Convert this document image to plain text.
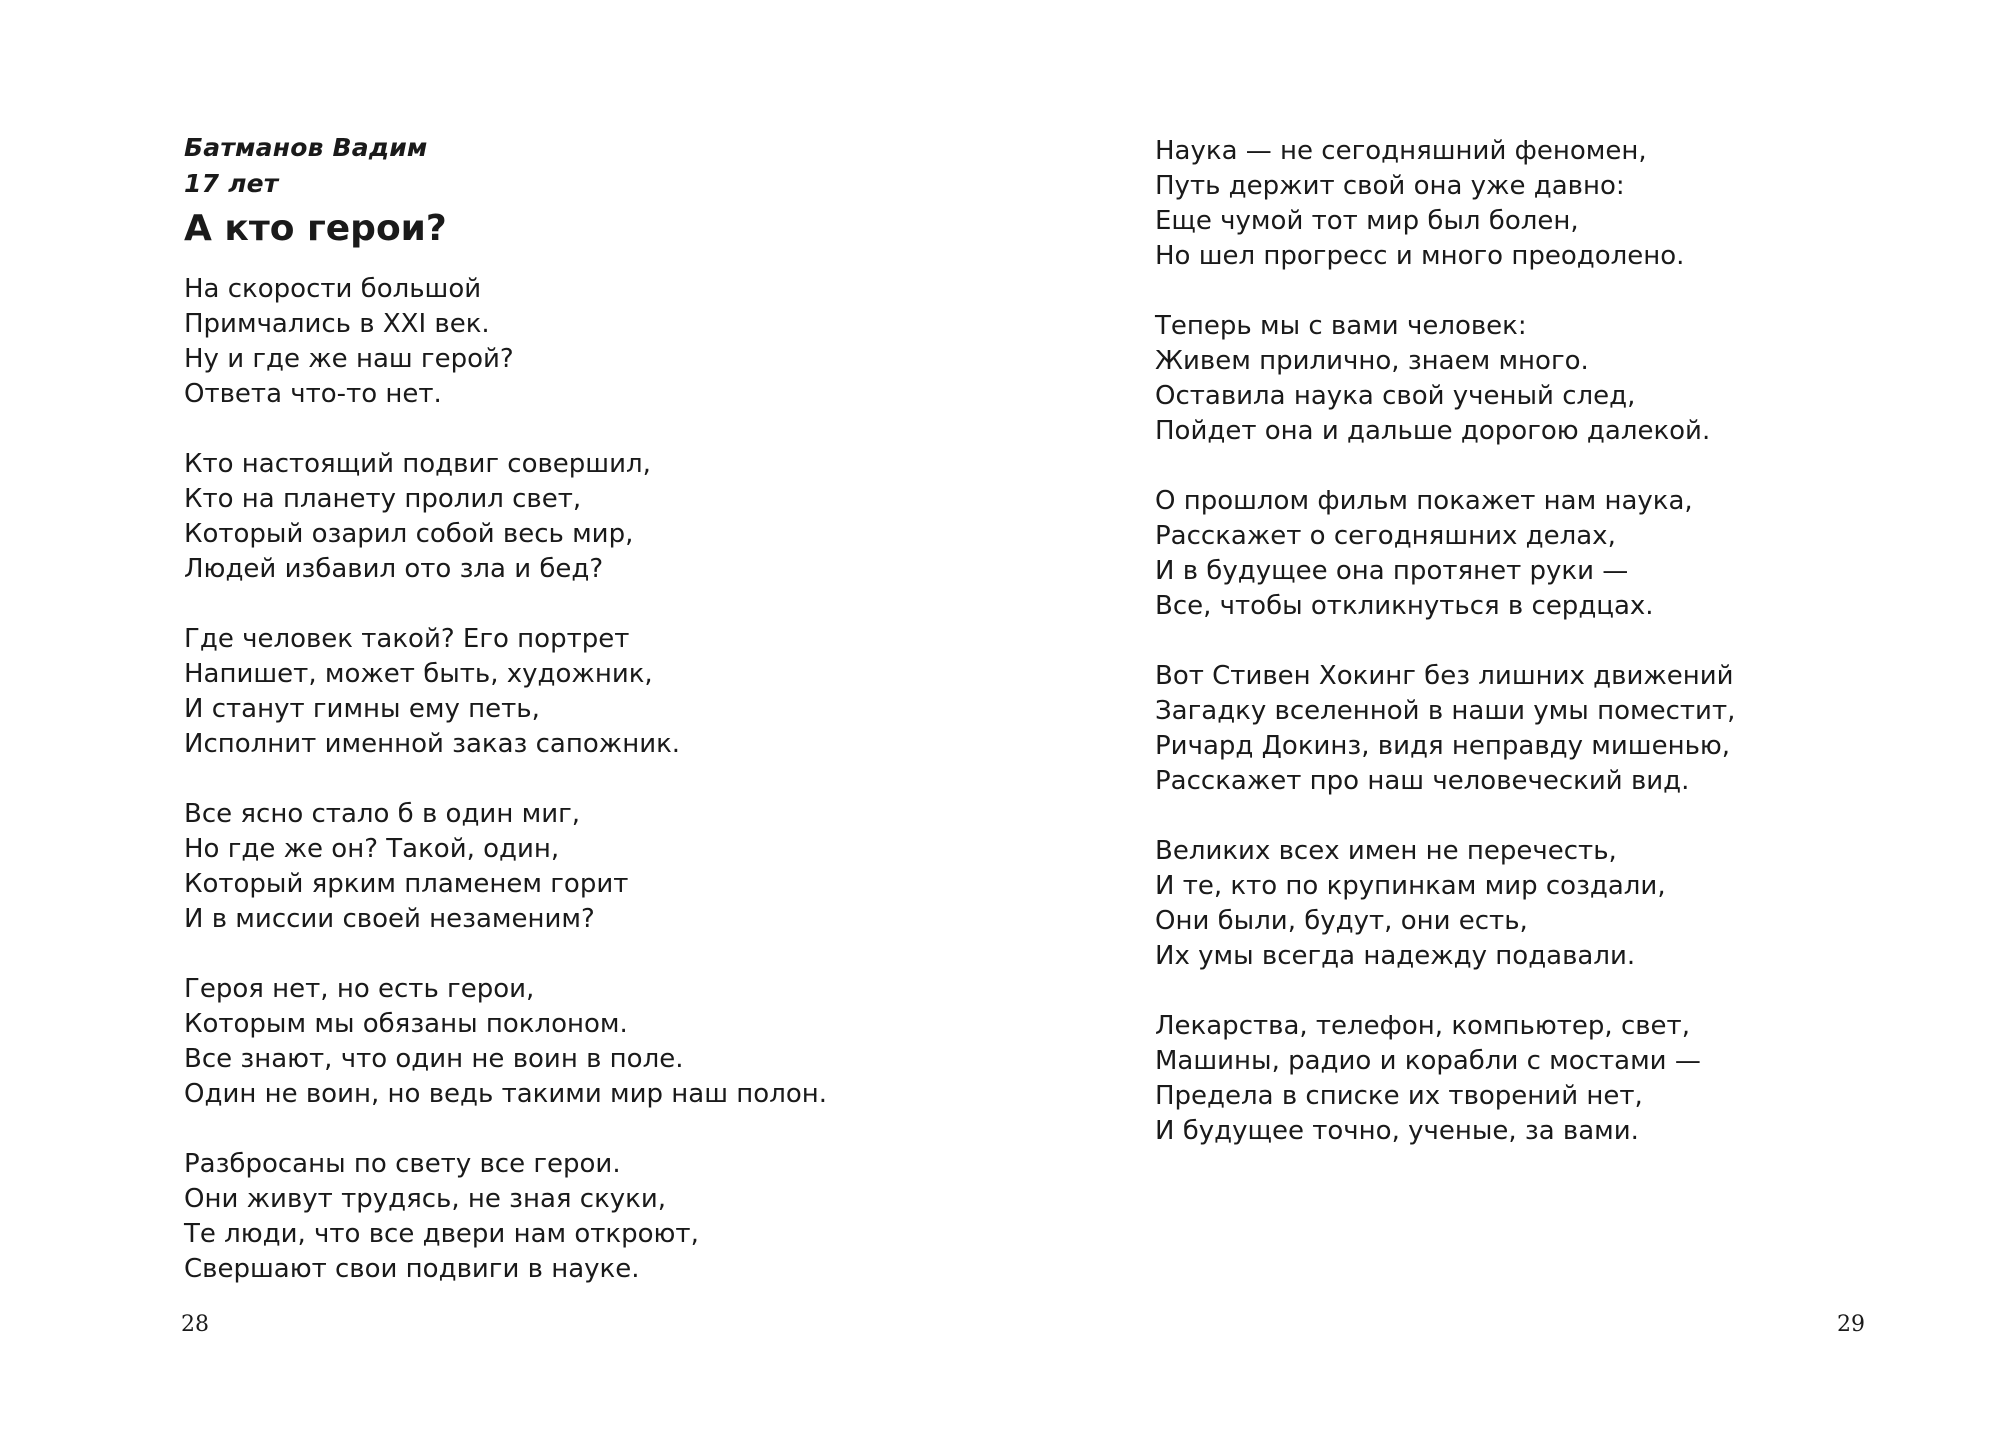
Батманов Вадим
17 лет
А кто герои?
На скорости большой
Примчались в XXI век.
Ну и где же наш герой?
Ответа что-то нет.
Кто настоящий подвиг совершил,
Кто на планету пролил свет,
Который озарил собой весь мир,
Людей избавил ото зла и бед?
Где человек такой? Его портрет
Напишет, может быть, художник,
И станут гимны ему петь,
Исполнит именной заказ сапожник.
Все ясно стало б в один миг,
Но где же он? Такой, один,
Который ярким пламенем горит
И в миссии своей незаменим?
Героя нет, но есть герои,
Которым мы обязаны поклоном.
Все знают, что один не воин в поле.
Один не воин, но ведь такими мир наш полон.
Разбросаны по свету все герои.
Они живут трудясь, не зная скуки,
Те люди, что все двери нам откроют,
Свершают свои подвиги в науке.
28
Наука — не сегодняшний феномен,
Путь держит свой она уже давно:
Еще чумой тот мир был болен,
Но шел прогресс и много преодолено.
Теперь мы с вами человек:
Живем прилично, знаем много.
Оставила наука свой ученый след,
Пойдет она и дальше дорогою далекой.
О прошлом фильм покажет нам наука,
Расскажет о сегодняшних делах,
И в будущее она протянет руки —
Все, чтобы откликнуться в сердцах.
Вот Стивен Хокинг без лишних движений
Загадку вселенной в наши умы поместит,
Ричард Докинз, видя неправду мишенью,
Расскажет про наш человеческий вид.
Великих всех имен не перечесть,
И те, кто по крупинкам мир создали,
Они были, будут, они есть,
Их умы всегда надежду подавали.
Лекарства, телефон, компьютер, свет,
Машины, радио и корабли с мостами —
Предела в списке их творений нет,
И будущее точно, ученые, за вами.
29
